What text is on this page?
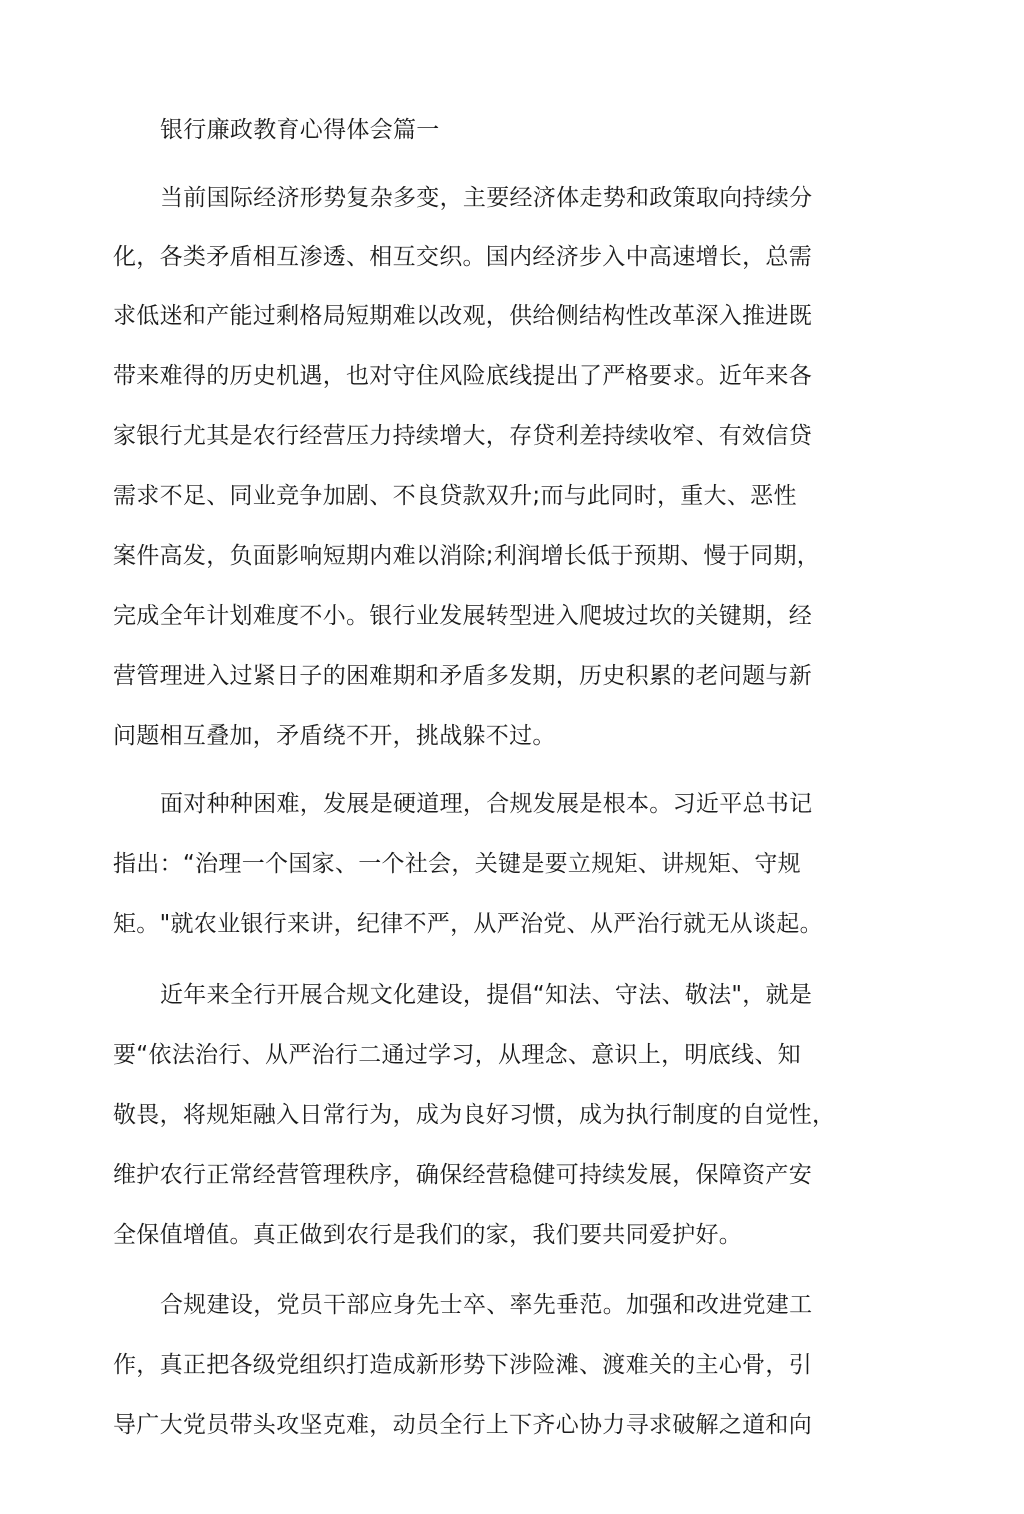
银行廉政教育心得体会篇一
当前国际经济形势复杂多变，主要经济体走势和政策取向持续分
化，各类矛盾相互渗透、相互交织。国内经济步入中高速增长，总需
求低迷和产能过剩格局短期难以改观，供给侧结构性改革深入推进既
带来难得的历史机遇，也对守住风险底线提出了严格要求。近年来各
家银行尤其是农行经营压力持续增大，存贷利差持续收窄、有效信贷
需求不足、同业竞争加剧、不良贷款双升;而与此同时，重大、恶性
案件高发，负面影响短期内难以消除;利润增长低于预期、慢于同期，
完成全年计划难度不小。银行业发展转型进入爬坡过坎的关键期，经
营管理进入过紧日子的困难期和矛盾多发期，历史积累的老问题与新
问题相互叠加，矛盾绕不开，挑战躲不过。
面对种种困难，发展是硬道理，合规发展是根本。习近平总书记
指出：“治理一个国家、一个社会，关键是要立规矩、讲规矩、守规
矩。"就农业银行来讲，纪律不严，从严治党、从严治行就无从谈起。
近年来全行开展合规文化建设，提倡“知法、守法、敬法"，就是
要“依法治行、从严治行二通过学习，从理念、意识上，明底线、知
敬畏，将规矩融入日常行为，成为良好习惯，成为执行制度的自觉性，
维护农行正常经营管理秩序，确保经营稳健可持续发展，保障资产安
全保值增值。真正做到农行是我们的家，我们要共同爱护好。
合规建设，党员干部应身先士卒、率先垂范。加强和改进党建工
作，真正把各级党组织打造成新形势下涉险滩、渡难关的主心骨，引
导广大党员带头攻坚克难，动员全行上下齐心协力寻求破解之道和向
